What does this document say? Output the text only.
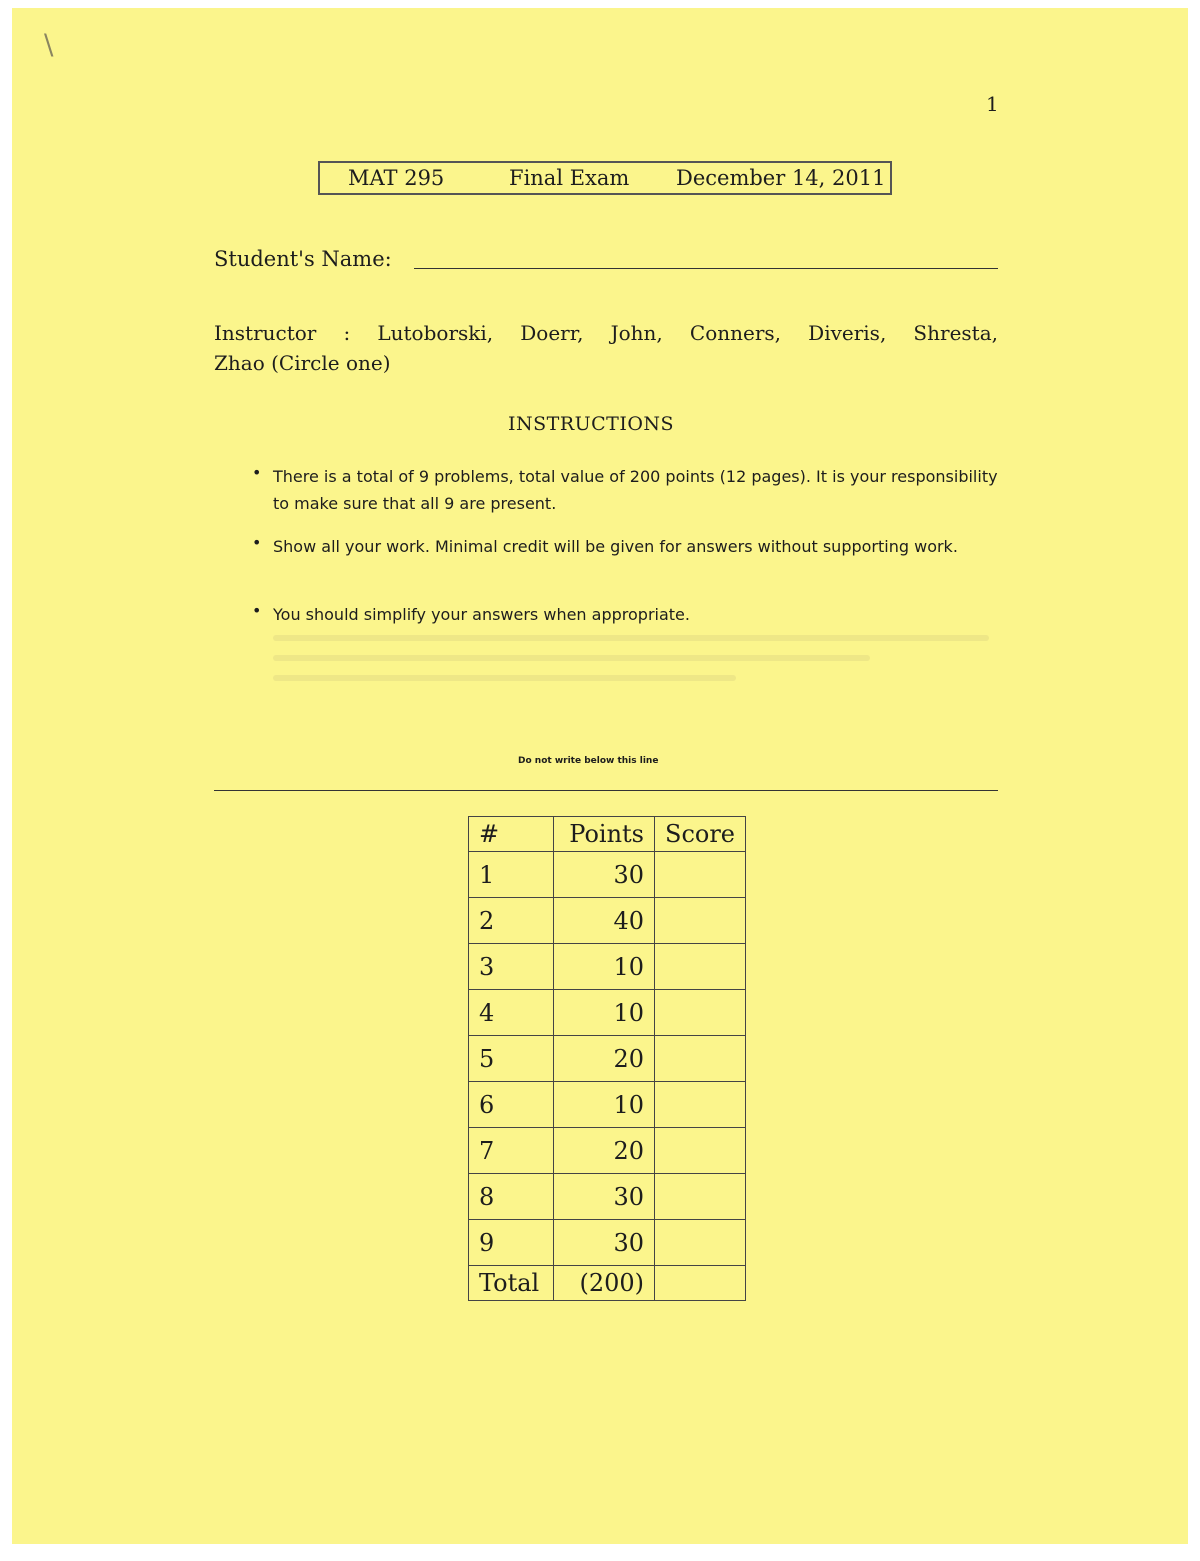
\
1
MAT 295	Final Exam December 14, 2011
Student's Name:
Instructor : Lutoborski, Doerr, John, Conners, Diveris, Shresta,
Zhao (Circle one)
INSTRUCTIONS
• There is a total of 9 problems, total value of 200 points (12 pages). It is your responsibility to make sure that all 9 are present.
• Show all your work. Minimal credit will be given for answers without supporting work.
• You should simplify your answers when appropriate.
Do not write below this line
#	Points	Score
1	30	
2	40	
3	10	
4	10	
5	20	
6	10	
7	20	
8	30	
9	30	
Total	(200)	
